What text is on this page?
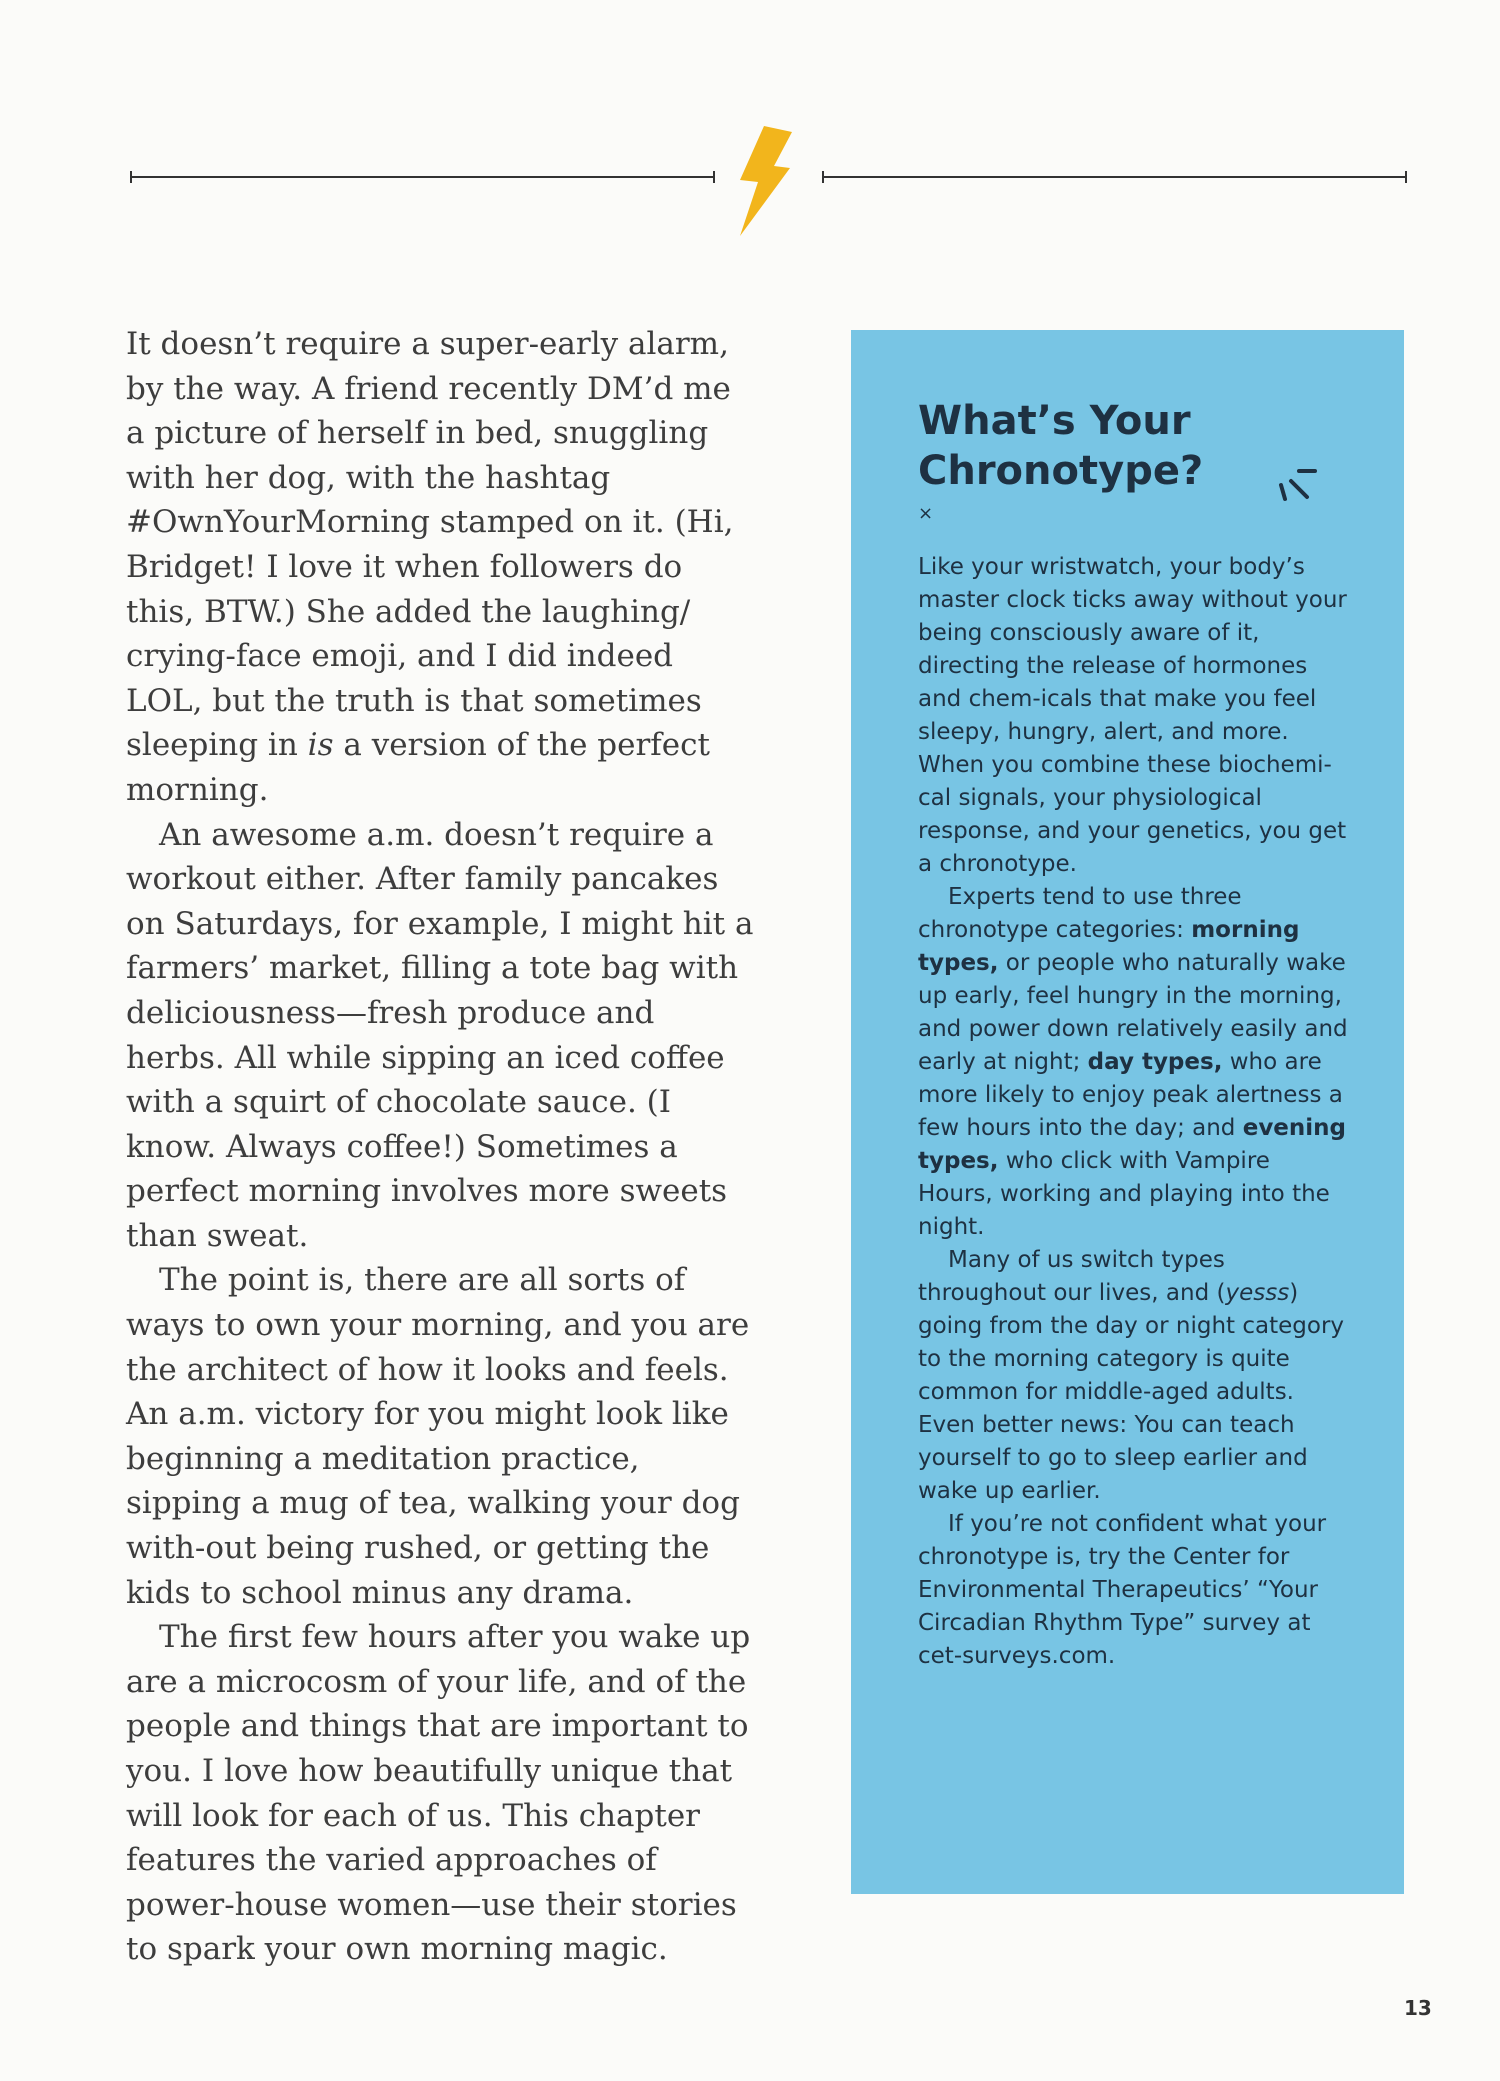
It doesn’t require a super-early alarm, by the way. A friend recently DM’d me a picture of herself in bed, snuggling with her dog, with the hashtag #OwnYourMorning stamped on it. (Hi, Bridget! I love it when followers do this, BTW.) She added the laughing/ crying-face emoji, and I did indeed LOL, but the truth is that sometimes sleeping in is a version of the perfect morning.

An awesome a.m. doesn’t require a workout either. After family pancakes on Saturdays, for example, I might hit a farmers’ market, filling a tote bag with deliciousness—fresh produce and herbs. All while sipping an iced coffee with a squirt of chocolate sauce. (I know. Always coffee!) Sometimes a perfect morning involves more sweets than sweat.

The point is, there are all sorts of ways to own your morning, and you are the architect of how it looks and feels. An a.m. victory for you might look like beginning a meditation practice, sipping a mug of tea, walking your dog with-out being rushed, or getting the kids to school minus any drama.

The first few hours after you wake up are a microcosm of your life, and of the people and things that are important to you. I love how beautifully unique that will look for each of us. This chapter features the varied approaches of power-house women—use their stories to spark your own morning magic.

What’s Your
Chronotype?
×

Like your wristwatch, your body’s master clock ticks away without your being consciously aware of it, directing the release of hormones and chem-icals that make you feel sleepy, hungry, alert, and more. When you combine these biochemi-cal signals, your physiological response, and your genetics, you get a chronotype.

Experts tend to use three chronotype categories: morning types, or people who naturally wake up early, feel hungry in the morning, and power down relatively easily and early at night; day types, who are more likely to enjoy peak alertness a few hours into the day; and evening types, who click with Vampire Hours, working and playing into the night.

Many of us switch types throughout our lives, and (yesss) going from the day or night category to the morning category is quite common for middle-aged adults. Even better news: You can teach yourself to go to sleep earlier and wake up earlier.

If you’re not confident what your chronotype is, try the Center for Environmental Therapeutics’ “Your Circadian Rhythm Type” survey at cet-surveys.com.

13
